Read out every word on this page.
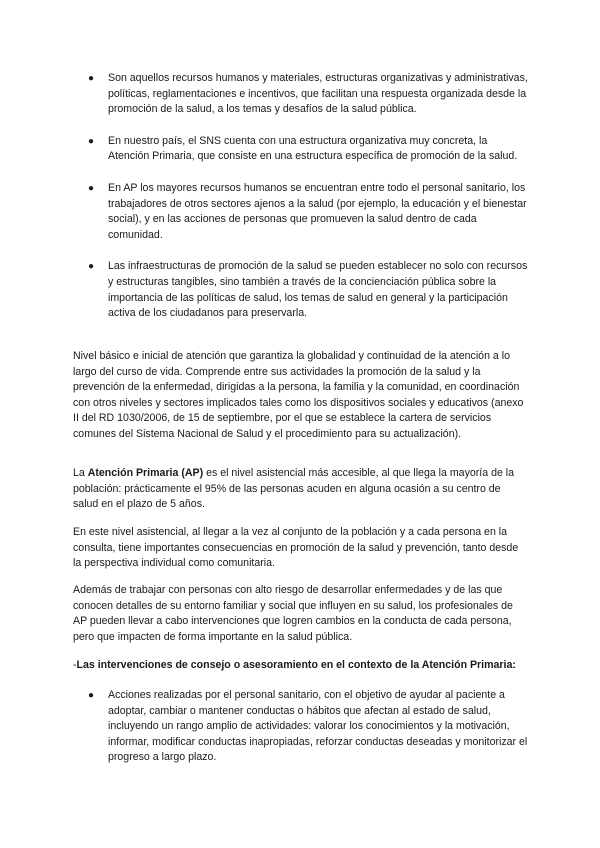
● Son aquellos recursos humanos y materiales, estructuras organizativas y administrativas, políticas, reglamentaciones e incentivos, que facilitan una respuesta organizada desde la promoción de la salud, a los temas y desafíos de la salud pública.
● En nuestro país, el SNS cuenta con una estructura organizativa muy concreta, la Atención Primaria, que consiste en una estructura específica de promoción de la salud.
● En AP los mayores recursos humanos se encuentran entre todo el personal sanitario, los trabajadores de otros sectores ajenos a la salud (por ejemplo, la educación y el bienestar social), y en las acciones de personas que promueven la salud dentro de cada comunidad.
● Las infraestructuras de promoción de la salud se pueden establecer no solo con recursos y estructuras tangibles, sino también a través de la concienciación pública sobre la importancia de las políticas de salud, los temas de salud en general y la participación activa de los ciudadanos para preservarla.

Nivel básico e inicial de atención que garantiza la globalidad y continuidad de la atención a lo largo del curso de vida. Comprende entre sus actividades la promoción de la salud y la prevención de la enfermedad, dirigidas a la persona, la familia y la comunidad, en coordinación con otros niveles y sectores implicados tales como los dispositivos sociales y educativos (anexo II del RD 1030/2006, de 15 de septiembre, por el que se establece la cartera de servicios comunes del Sistema Nacional de Salud y el procedimiento para su actualización).

La Atención Primaria (AP) es el nivel asistencial más accesible, al que llega la mayoría de la población: prácticamente el 95% de las personas acuden en alguna ocasión a su centro de salud en el plazo de 5 años.

En este nivel asistencial, al llegar a la vez al conjunto de la población y a cada persona en la consulta, tiene importantes consecuencias en promoción de la salud y prevención, tanto desde la perspectiva individual como comunitaria.

Además de trabajar con personas con alto riesgo de desarrollar enfermedades y de las que conocen detalles de su entorno familiar y social que influyen en su salud, los profesionales de AP pueden llevar a cabo intervenciones que logren cambios en la conducta de cada persona, pero que impacten de forma importante en la salud pública.

-Las intervenciones de consejo o asesoramiento en el contexto de la Atención Primaria:

● Acciones realizadas por el personal sanitario, con el objetivo de ayudar al paciente a adoptar, cambiar o mantener conductas o hábitos que afectan al estado de salud, incluyendo un rango amplio de actividades: valorar los conocimientos y la motivación, informar, modificar conductas inapropiadas, reforzar conductas deseadas y monitorizar el progreso a largo plazo.
